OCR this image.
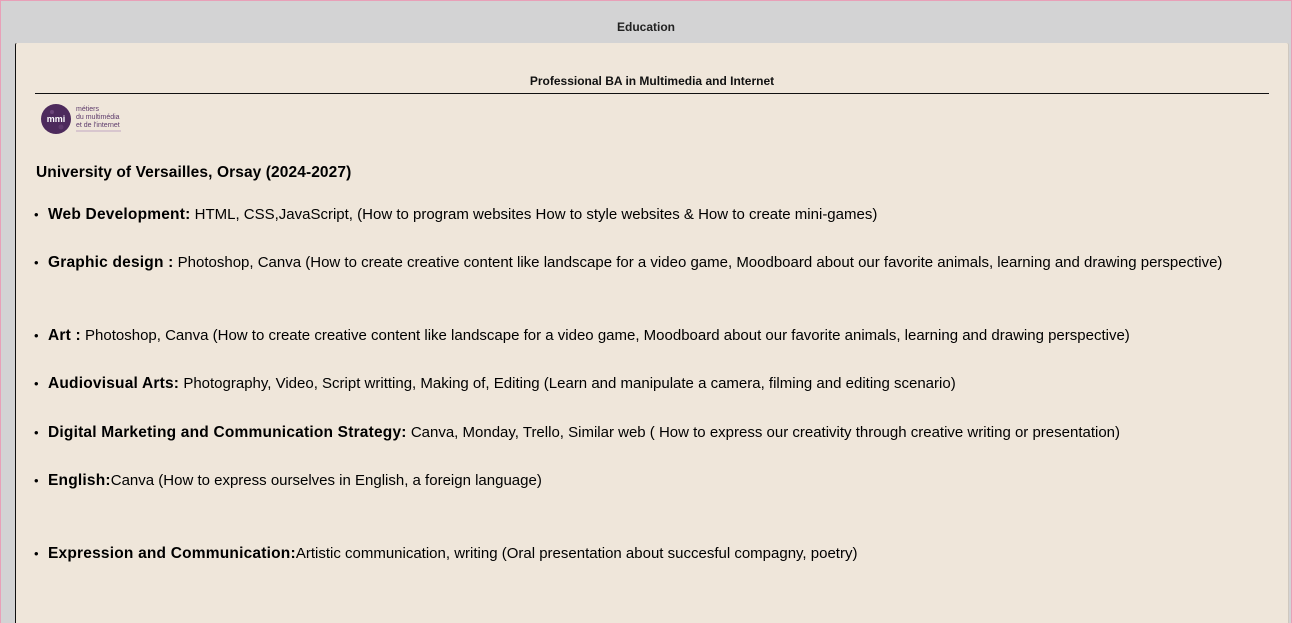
Education
Professional BA in Multimedia and Internet
mmi
métiers
du multimédia
et de l'internet
University of Versailles, Orsay (2024-2027)
• Web Development: HTML, CSS,JavaScript, (How to program websites How to style websites & How to create mini-games)
• Graphic design : Photoshop, Canva (How to create creative content like landscape for a video game, Moodboard about our favorite animals, learning and drawing perspective)
• Art : Photoshop, Canva (How to create creative content like landscape for a video game, Moodboard about our favorite animals, learning and drawing perspective)
• Audiovisual Arts: Photography, Video, Script writting, Making of, Editing (Learn and manipulate a camera, filming and editing scenario)
• Digital Marketing and Communication Strategy: Canva, Monday, Trello, Similar web ( How to express our creativity through creative writing or presentation)
• English:Canva (How to express ourselves in English, a foreign language)
• Expression and Communication:Artistic communication, writing (Oral presentation about succesful compagny, poetry)
